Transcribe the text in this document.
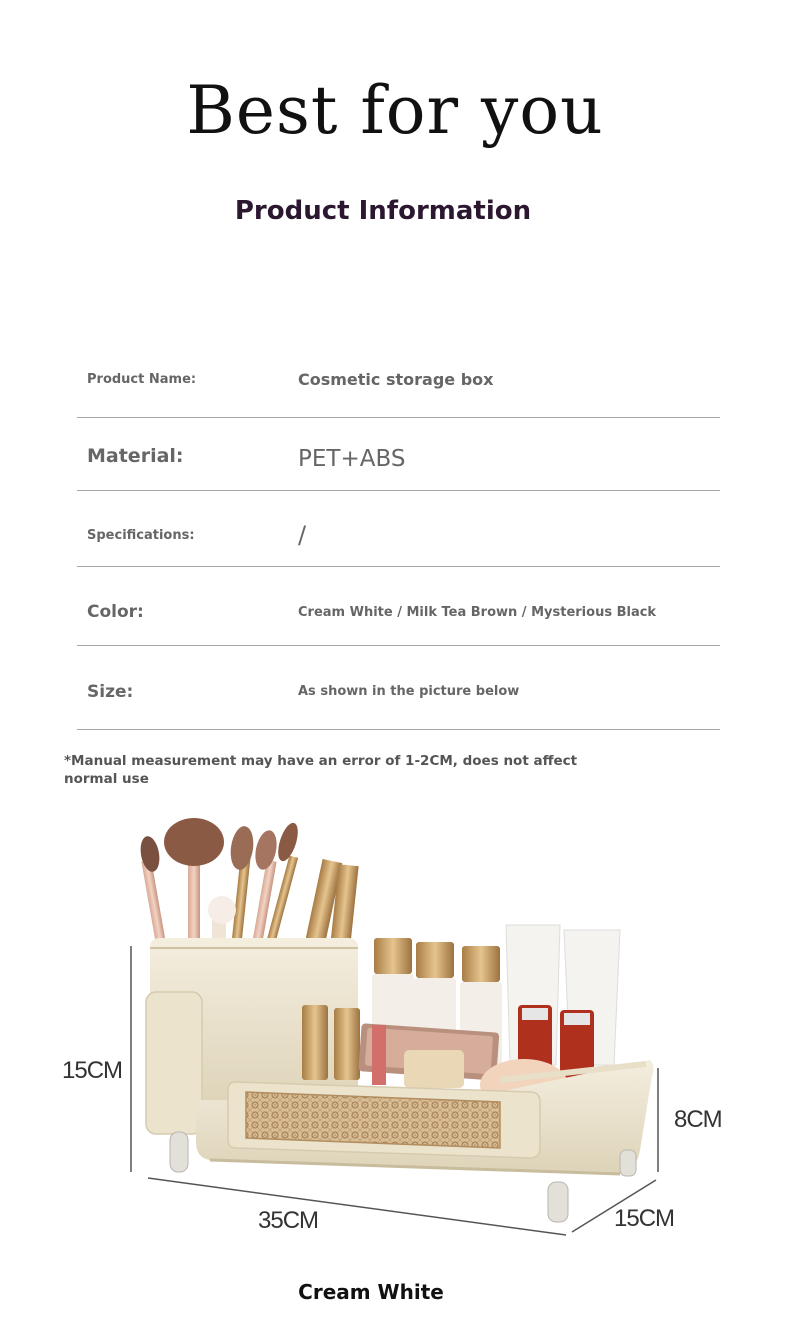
Best for you
Product Information
Product Name:	Cosmetic storage box
Material:	PET+ABS
Specifications:	/
Color:	Cream White / Milk Tea Brown / Mysterious Black
Size:	As shown in the picture below
*Manual measurement may have an error of 1-2CM, does not affect normal use
15CM
8CM
35CM	15CM
Cream White
